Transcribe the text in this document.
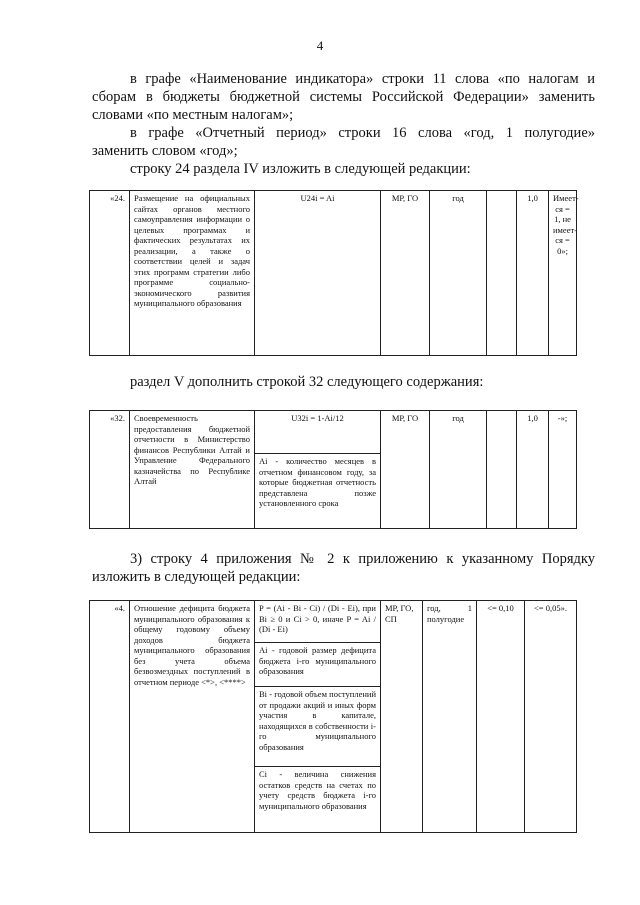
4

в графе «Наименование индикатора» строки 11 слова «по налогам и

сборам в бюджеты бюджетной системы Российской Федерации» заменить

словами «по местным налогам»;

в графе «Отчетный период» строки 16 слова «год, 1 полугодие»

заменить словом «год»;

строку 24 раздела IV изложить в следующей редакции:

«24.	Размещение на официальных сайтах органов местного самоуправления информации о целевых программах и фактических результатах их реализации, а также о соответствии целей и задач этих программ стратегии либо программе социально-экономического развития муниципального образования	U24i = Ai	МР, ГО	год		1,0	Имеет-ся = 1, не имеет-ся = 0»;

раздел V дополнить строкой 32 следующего содержания:

«32.	Своевременность предоставления бюджетной отчетности в Министерство финансов Республики Алтай и Управление Федерального казначейства по Республике Алтай	U32i = 1-Ai/12	МР, ГО	год		1,0	-»;
Ai - количество месяцев в отчетном финансовом году, за которые бюджетная отчетность представлена позже установленного срока

3) строку 4 приложения № 2 к приложению к указанному Порядку

изложить в следующей редакции:

«4.	Отношение дефицита бюджета муниципального образования к общему годовому объему доходов бюджета муниципального образования без учета объема безвозмездных поступлений в отчетном периоде <*>, <****>	P = (Ai - Bi - Ci) / (Di - Ei), при Bi ≥ 0 и Ci > 0, иначе P = Ai / (Di - Ei)	МР, ГО, СП	год, 1 полугодие	<= 0,10	<= 0,05».
Ai - годовой размер дефицита бюджета i-го муниципального образования
Bi - годовой объем поступлений от продажи акций и иных форм участия в капитале, находящихся в собственности i-го муниципального образования
Ci - величина снижения остатков средств на счетах по учету средств бюджета i-го муниципального образования
